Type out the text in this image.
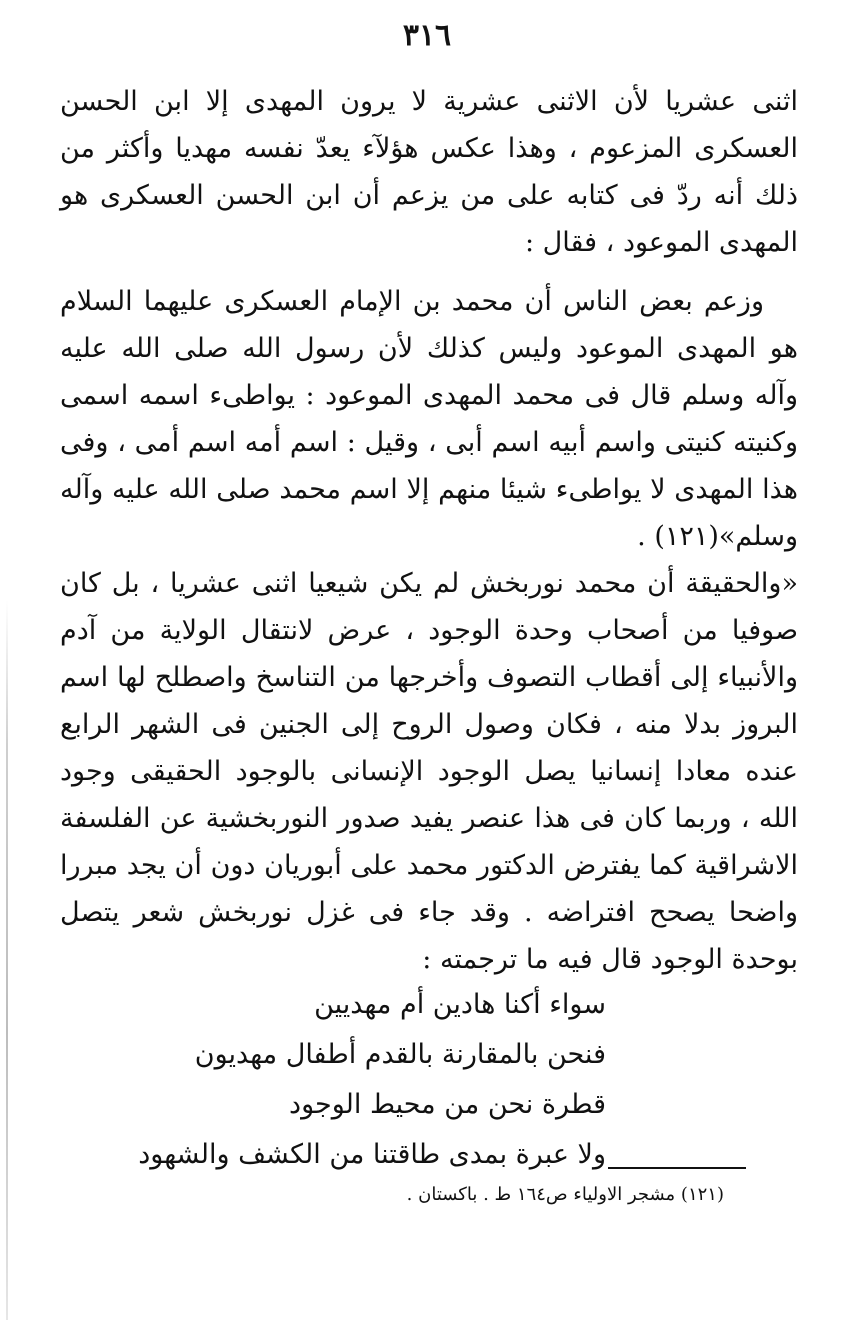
٣١٦

اثنى عشريا لأن الاثنى عشرية لا يرون المهدى إلا ابن الحسن العسكرى المزعوم ، وهذا عكس هؤلآء يعدّ نفسه مهديا وأكثر من ذلك أنه ردّ فى كتابه على من يزعم أن ابن الحسن العسكرى هو المهدى الموعود ، فقال :

وزعم بعض الناس أن محمد بن الإمام العسكرى عليهما السلام هو المهدى الموعود وليس كذلك لأن رسول الله صلى الله عليه وآله وسلم قال فى محمد المهدى الموعود : يواطىء اسمه اسمى وكنيته كنيتى واسم أبيه اسم أبى ، وقيل : اسم أمه اسم أمى ، وفى هذا المهدى لا يواطىء شيئا منهم إلا اسم محمد صلى الله عليه وآله وسلم»(١٢١) .

«والحقيقة أن محمد نوربخش لم يكن شيعيا اثنى عشريا ، بل كان صوفيا من أصحاب وحدة الوجود ، عرض لانتقال الولاية من آدم والأنبياء إلى أقطاب التصوف وأخرجها من التناسخ واصطلح لها اسم البروز بدلا منه ، فكان وصول الروح إلى الجنين فى الشهر الرابع عنده معادا إنسانيا يصل الوجود الإنسانى بالوجود الحقيقى وجود الله ، وربما كان فى هذا عنصر يفيد صدور النوربخشية عن الفلسفة الاشراقية كما يفترض الدكتور محمد على أبوريان دون أن يجد مبررا واضحا يصحح افتراضه . وقد جاء فى غزل نوربخش شعر يتصل بوحدة الوجود قال فيه ما ترجمته :

سواء أكنا هادين أم مهديين
فنحن بالمقارنة بالقدم أطفال مهديون
قطرة نحن من محيط الوجود
ولا عبرة بمدى طاقتنا من الكشف والشهود
(١٢١) مشجر الاولياء ص١٦٤ ط . باكستان .
